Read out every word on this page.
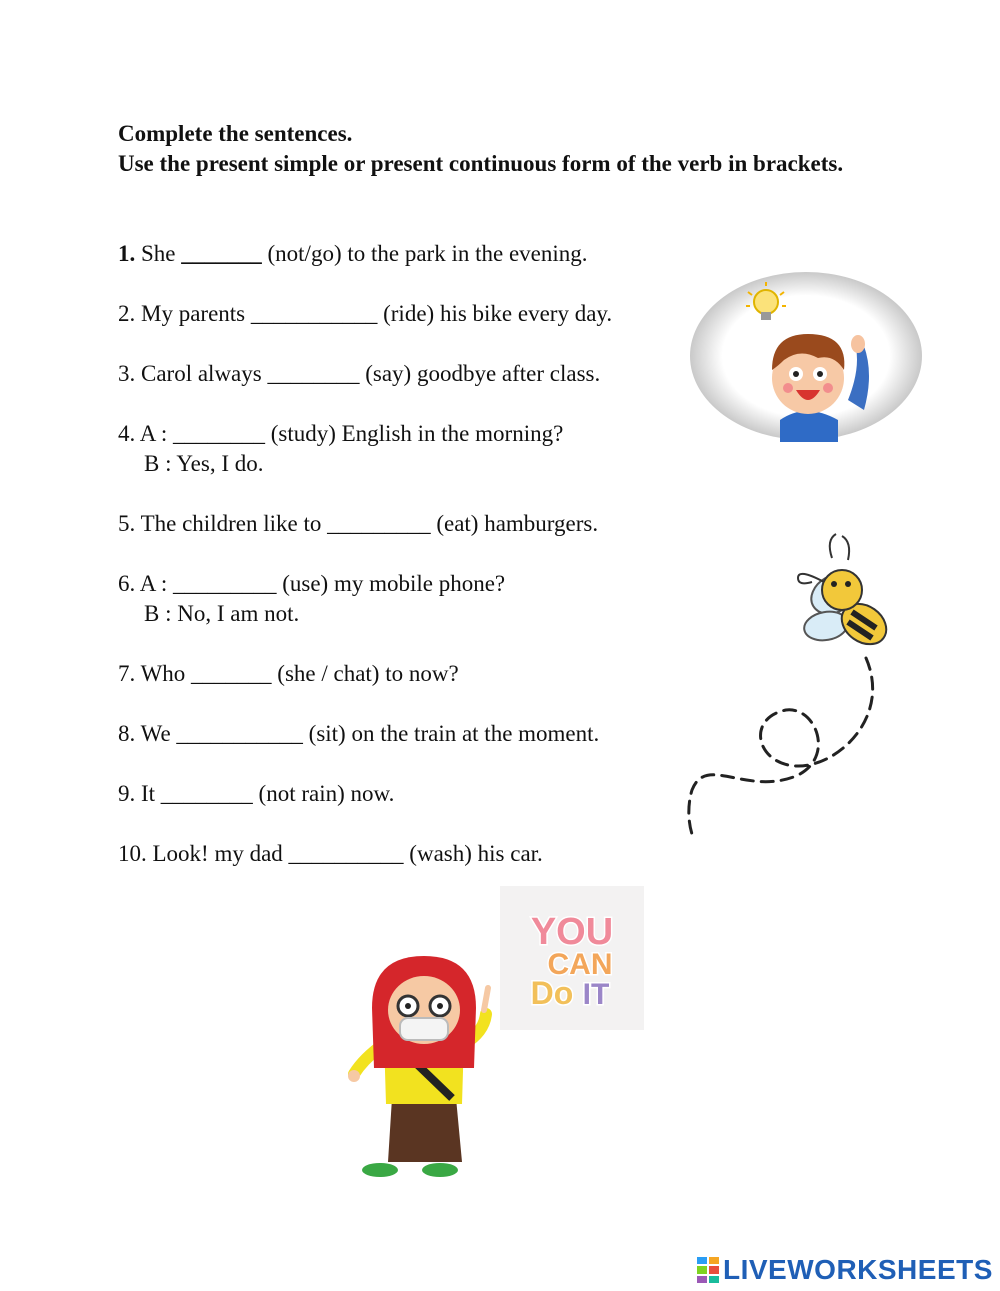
Complete the sentences.
Use the present simple or present continuous form of the verb in brackets.
1. She _______ (not/go) to the park in the evening.
2. My parents ___________ (ride) his bike every day.
3. Carol always ________ (say) goodbye after class.
4. A : ________ (study) English in the morning?
B : Yes, I do.
5. The children like to _________ (eat) hamburgers.
6. A : _________ (use) my mobile phone?
B : No, I am not.
7. Who _______ (she / chat) to now?
8. We ___________ (sit) on the train at the moment.
9. It ________ (not rain) now.
10. Look! my dad __________ (wash) his car.
YOU
CAN
Do IT
LIVEWORKSHEETS
